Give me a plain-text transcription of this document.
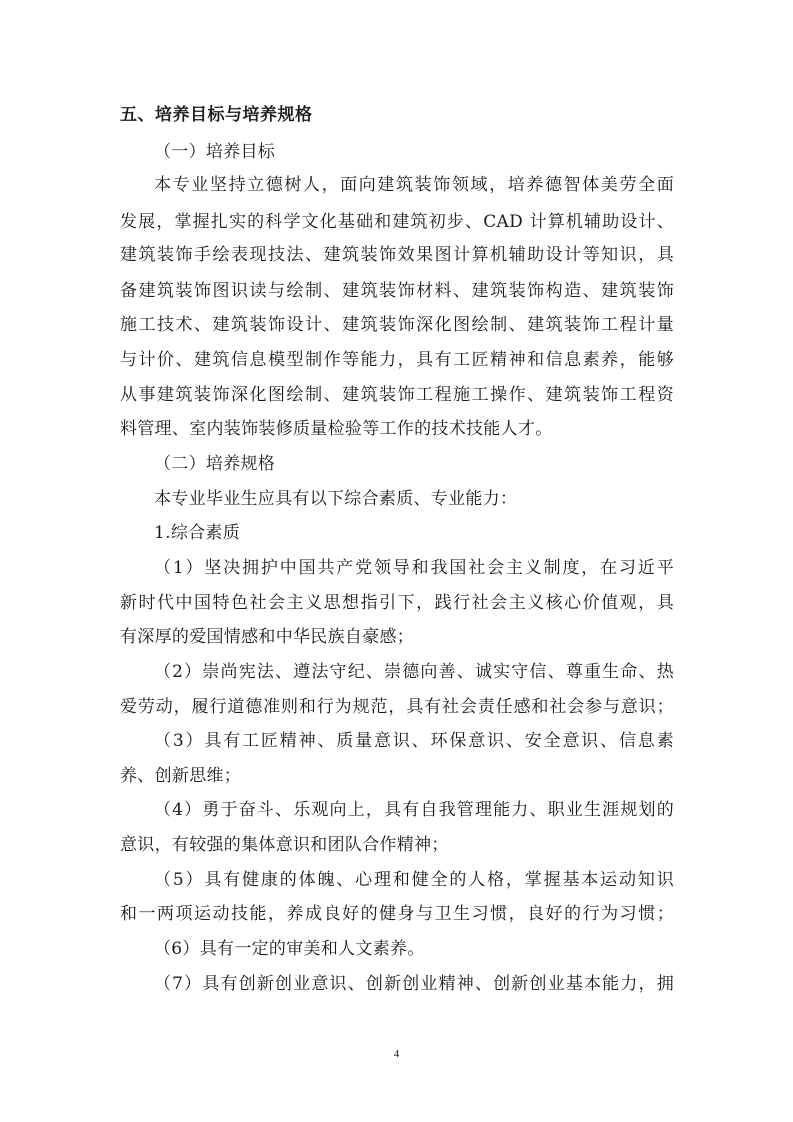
五、培养目标与培养规格
（一）培养目标
本专业坚持立德树人，面向建筑装饰领域，培养德智体美劳全面
发展，掌握扎实的科学文化基础和建筑初步、CAD 计算机辅助设计、
建筑装饰手绘表现技法、建筑装饰效果图计算机辅助设计等知识，具
备建筑装饰图识读与绘制、建筑装饰材料、建筑装饰构造、建筑装饰
施工技术、建筑装饰设计、建筑装饰深化图绘制、建筑装饰工程计量
与计价、建筑信息模型制作等能力，具有工匠精神和信息素养，能够
从事建筑装饰深化图绘制、建筑装饰工程施工操作、建筑装饰工程资
料管理、室内装饰装修质量检验等工作的技术技能人才。
（二）培养规格
本专业毕业生应具有以下综合素质、专业能力：
1.综合素质
（1）坚决拥护中国共产党领导和我国社会主义制度，在习近平
新时代中国特色社会主义思想指引下，践行社会主义核心价值观，具
有深厚的爱国情感和中华民族自豪感；
（2）崇尚宪法、遵法守纪、崇德向善、诚实守信、尊重生命、热
爱劳动，履行道德准则和行为规范，具有社会责任感和社会参与意识；
（3）具有工匠精神、质量意识、环保意识、安全意识、信息素
养、创新思维；
（4）勇于奋斗、乐观向上，具有自我管理能力、职业生涯规划的
意识，有较强的集体意识和团队合作精神；
（5）具有健康的体魄、心理和健全的人格，掌握基本运动知识
和一两项运动技能，养成良好的健身与卫生习惯，良好的行为习惯；
（6）具有一定的审美和人文素养。
（7）具有创新创业意识、创新创业精神、创新创业基本能力，拥
4
